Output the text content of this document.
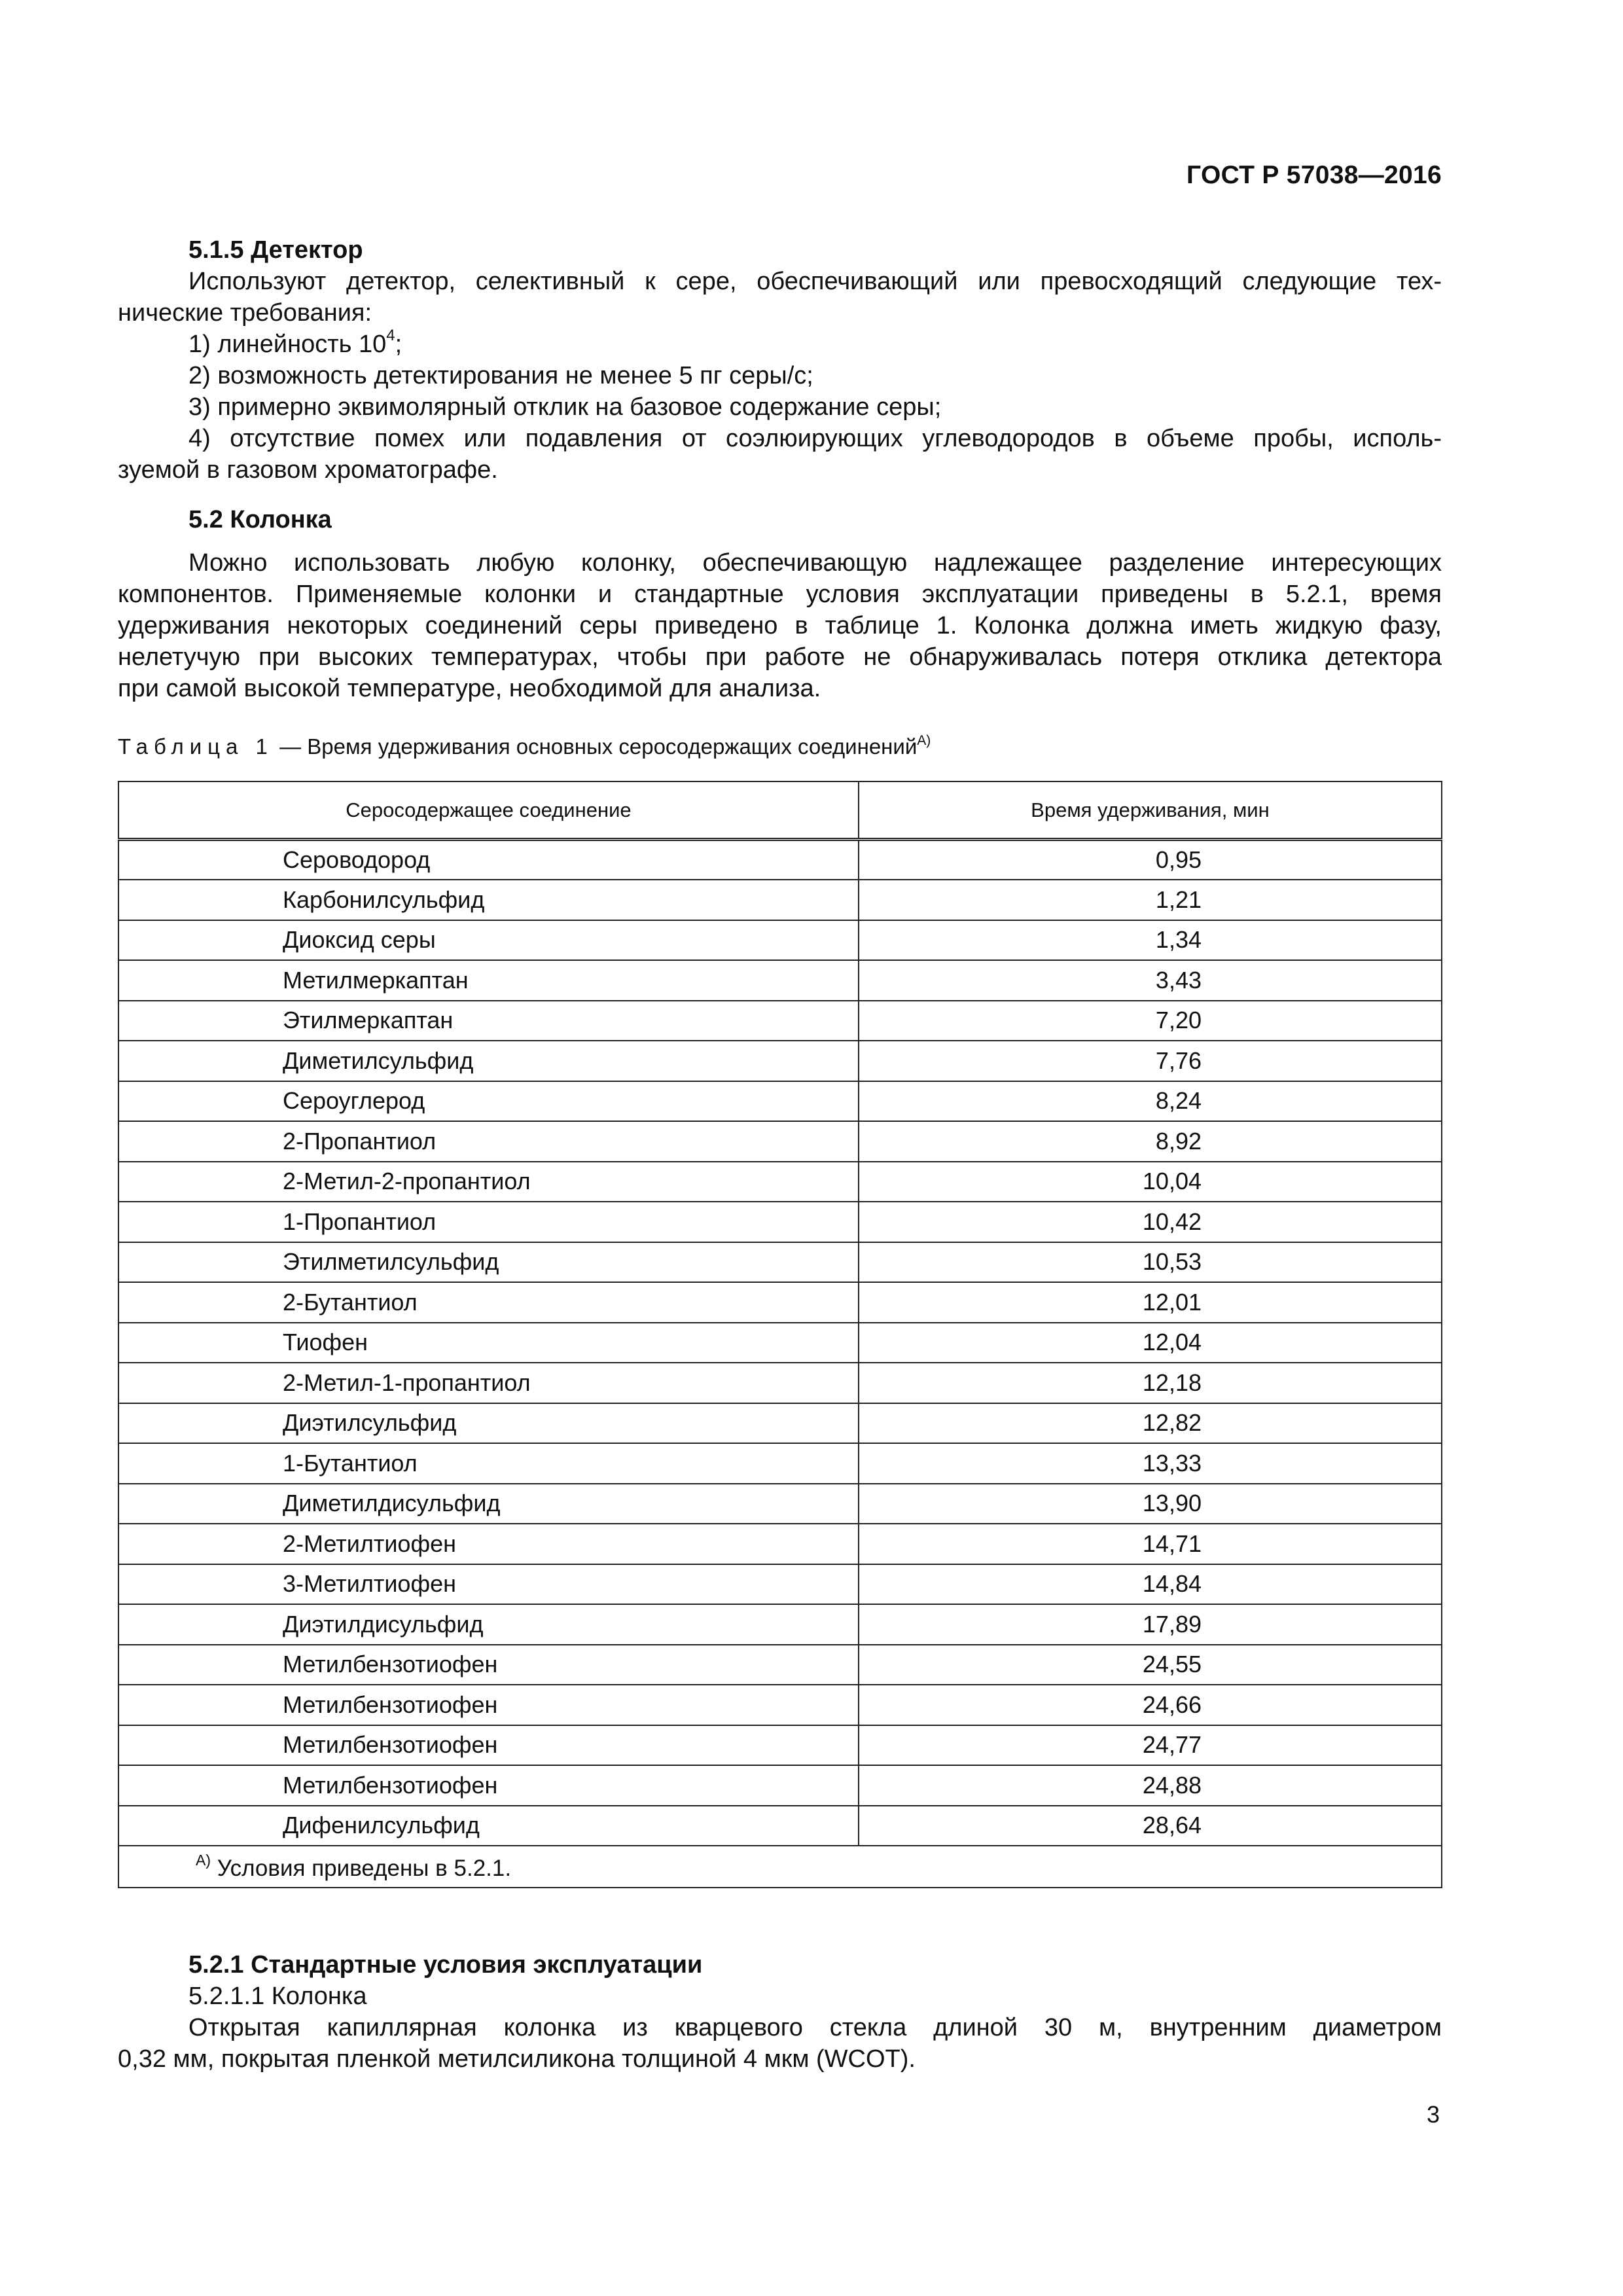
ГОСТ Р 57038—2016
5.1.5 Детектор
Используют детектор, селективный к сере, обеспечивающий или превосходящий следующие тех-
нические требования:
1) линейность $10^4$;
2) возможность детектирования не менее 5 пг серы/с;
3) примерно эквимолярный отклик на базовое содержание серы;
4) отсутствие помех или подавления от соэлюирующих углеводородов в объеме пробы, исполь-
зуемой в газовом хроматографе.
5.2 Колонка
Можно использовать любую колонку, обеспечивающую надлежащее разделение интересующих
компонентов. Применяемые колонки и стандартные условия эксплуатации приведены в 5.2.1, время
удерживания некоторых соединений серы приведено в таблице 1. Колонка должна иметь жидкую фазу,
нелетучую при высоких температурах, чтобы при работе не обнаруживалась потеря отклика детектора
при самой высокой температуре, необходимой для анализа.
Таблица 1 — Время удерживания основных серосодержащих соединений$^{А)}$
Серосодержащее соединение	Время удерживания, мин
Сероводород	0,95
Карбонилсульфид	1,21
Диоксид серы	1,34
Метилмеркаптан	3,43
Этилмеркаптан	7,20
Диметилсульфид	7,76
Сероуглерод	8,24
2-Пропантиол	8,92
2-Метил-2-пропантиол	10,04
1-Пропантиол	10,42
Этилметилсульфид	10,53
2-Бутантиол	12,01
Тиофен	12,04
2-Метил-1-пропантиол	12,18
Диэтилсульфид	12,82
1-Бутантиол	13,33
Диметилдисульфид	13,90
2-Метилтиофен	14,71
3-Метилтиофен	14,84
Диэтилдисульфид	17,89
Метилбензотиофен	24,55
Метилбензотиофен	24,66
Метилбензотиофен	24,77
Метилбензотиофен	24,88
Дифенилсульфид	28,64
$^{А)}$ Условия приведены в 5.2.1.	
5.2.1 Стандартные условия эксплуатации
5.2.1.1 Колонка
Открытая капиллярная колонка из кварцевого стекла длиной 30 м, внутренним диаметром
0,32 мм, покрытая пленкой метилсиликона толщиной 4 мкм (WCOT).
3
